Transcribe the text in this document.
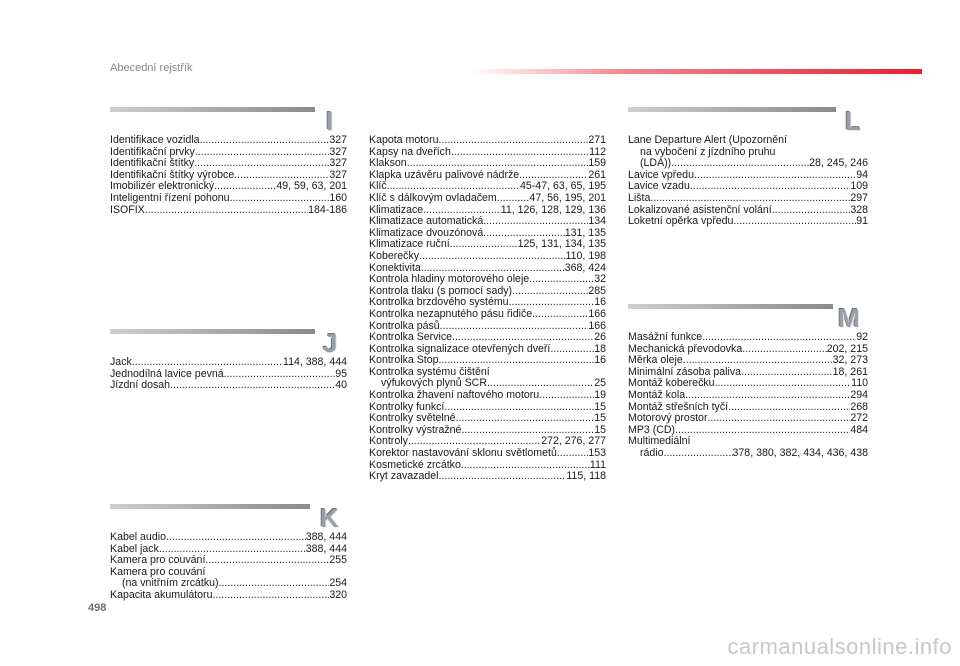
Abecední rejstřík
I
Identifikace vozidla .....	327
Identifikační prvky .....	327
Identifikační štítky .....	327
Identifikační štítky výrobce .....	327
Imobilizér elektronický .....	49, 59, 63, 201
Inteligentní řízení pohonu .....	160
ISOFIX .....	184-186
J
Jack .....	114, 388, 444
Jednodílná lavice pevná .....	95
Jízdní dosah .....	40
K
Kabel audio .....	388, 444
Kabel jack .....	388, 444
Kamera pro couvání .....	255
Kamera pro couvání
(na vnitřním zrcátku) .....	254
Kapacita akumulátoru .....	320
Kapota motoru .....	271
Kapsy na dveřích .....	112
Klakson .....	159
Klapka uzávěru palivové nádrže .....	261
Klíč .....	45-47, 63, 65, 195
Klíč s dálkovým ovladačem .....	47, 56, 195, 201
Klimatizace .....	11, 126, 128, 129, 136
Klimatizace automatická .....	134
Klimatizace dvouzónová .....	131, 135
Klimatizace ruční .....	125, 131, 134, 135
Koberečky .....	110, 198
Konektivita .....	368, 424
Kontrola hladiny motorového oleje .....	32
Kontrola tlaku (s pomocí sady) .....	285
Kontrolka brzdového systému .....	16
Kontrolka nezapnutého pásu řidiče .....	166
Kontrolka pásů .....	166
Kontrolka Service .....	26
Kontrolka signalizace otevřených dveří .....	18
Kontrolka Stop .....	16
Kontrolka systému čištění
výfukových plynů SCR .....	25
Kontrolka žhavení naftového motoru .....	19
Kontrolky funkcí .....	15
Kontrolky světelné .....	15
Kontrolky výstražné .....	15
Kontroly .....	272, 276, 277
Korektor nastavování sklonu světlometů .....	153
Kosmetické zrcátko .....	111
Kryt zavazadel .....	115, 118
L
Lane Departure Alert (Upozornění
na vybočení z jízdního pruhu
(LDA)) .....	28, 245, 246
Lavice vpředu .....	94
Lavice vzadu .....	109
Lišta .....	297
Lokalizované asistenční volání .....	328
Loketní opěrka vpředu .....	91
M
Masážní funkce .....	92
Mechanická převodovka .....	202, 215
Měrka oleje .....	32, 273
Minimální zásoba paliva .....	18, 261
Montáž koberečku .....	110
Montáž kola .....	294
Montáž střešních tyčí .....	268
Motorový prostor .....	272
MP3 (CD) .....	484
Multimediální
rádio .....	378, 380, 382, 434, 436, 438
498
carmanualsonline.info
